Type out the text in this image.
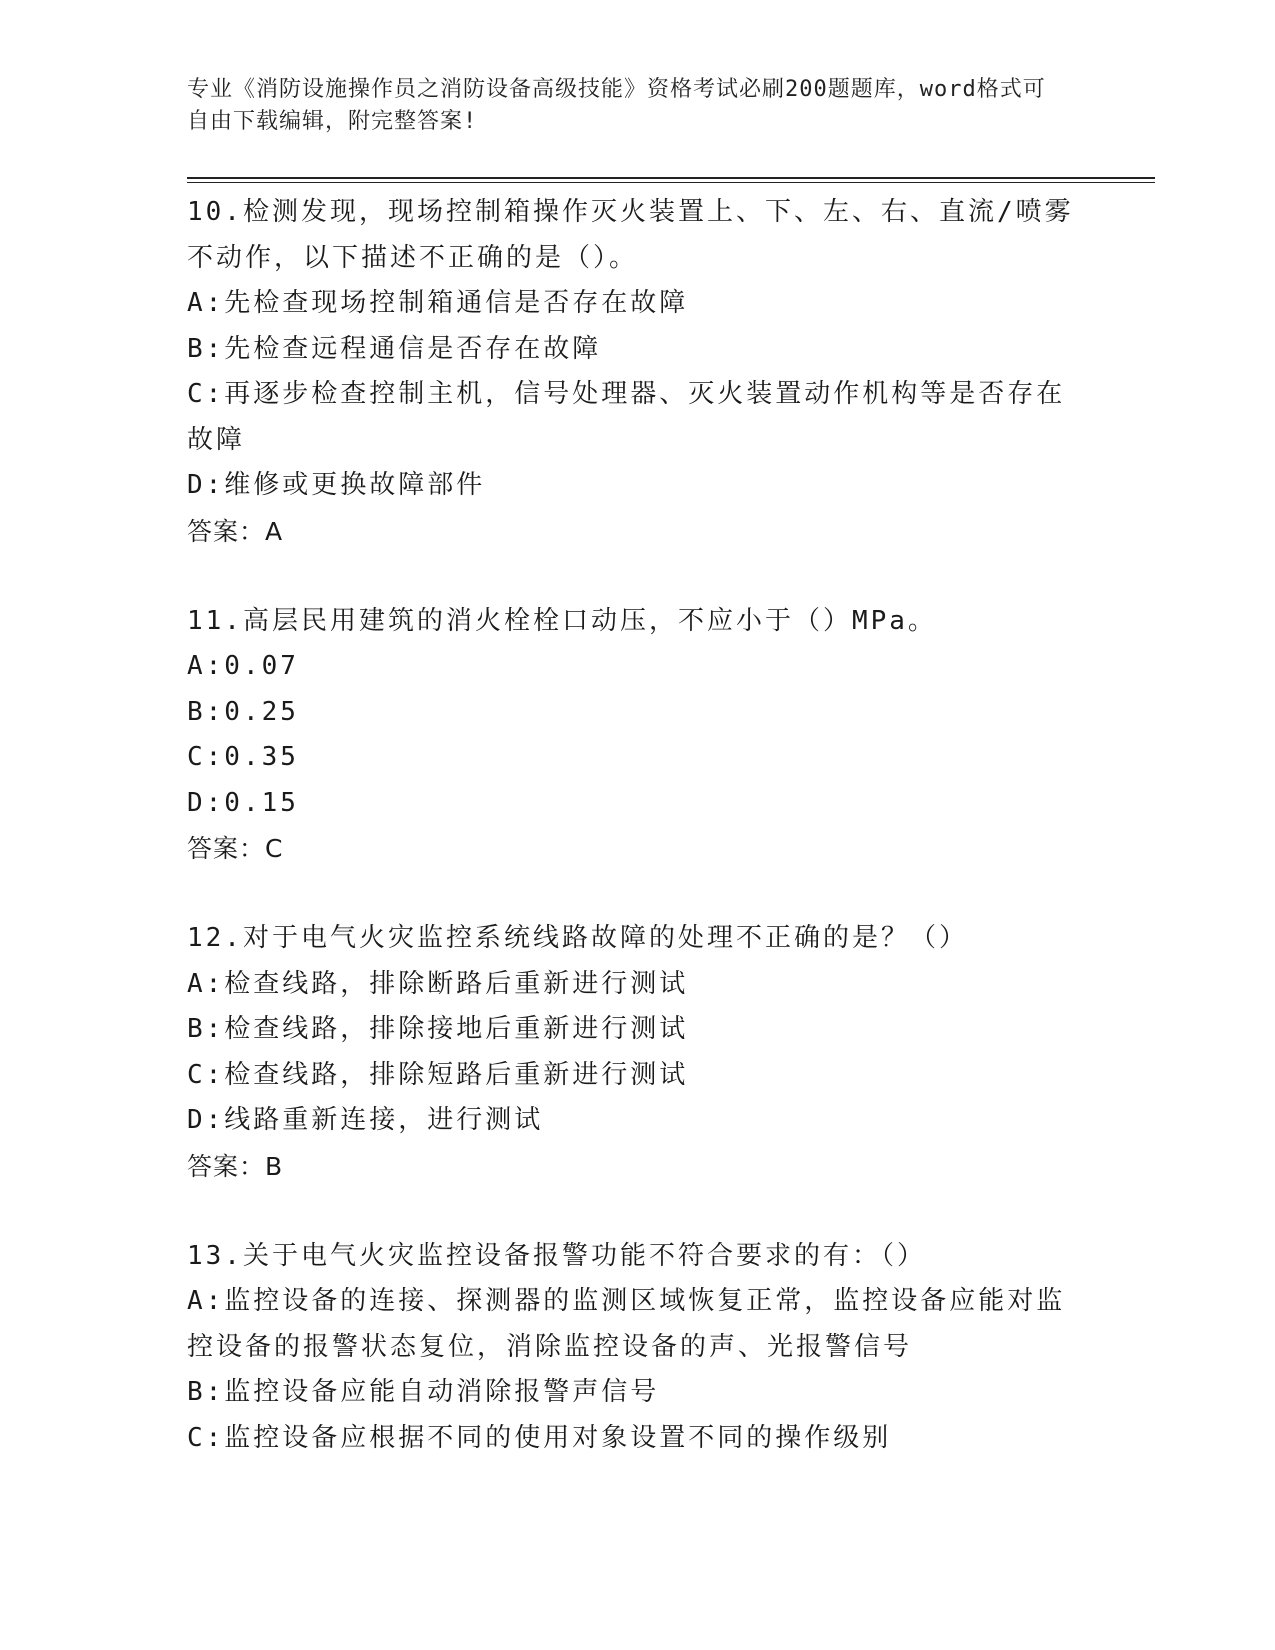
专业《消防设施操作员之消防设备高级技能》资格考试必刷200题题库，word格式可自由下载编辑，附完整答案!
10.检测发现，现场控制箱操作灭火装置上、下、左、右、直流/喷雾不动作，以下描述不正确的是（）。
A:先检查现场控制箱通信是否存在故障
B:先检查远程通信是否存在故障
C:再逐步检查控制主机，信号处理器、灭火装置动作机构等是否存在故障
D:维修或更换故障部件
答案：A
11.高层民用建筑的消火栓栓口动压，不应小于（）MPa。
A:0.07
B:0.25
C:0.35
D:0.15
答案：C
12.对于电气火灾监控系统线路故障的处理不正确的是？（）
A:检查线路，排除断路后重新进行测试
B:检查线路，排除接地后重新进行测试
C:检查线路，排除短路后重新进行测试
D:线路重新连接，进行测试
答案：B
13.关于电气火灾监控设备报警功能不符合要求的有：（）
A:监控设备的连接、探测器的监测区域恢复正常，监控设备应能对监控设备的报警状态复位，消除监控设备的声、光报警信号
B:监控设备应能自动消除报警声信号
C:监控设备应根据不同的使用对象设置不同的操作级别
